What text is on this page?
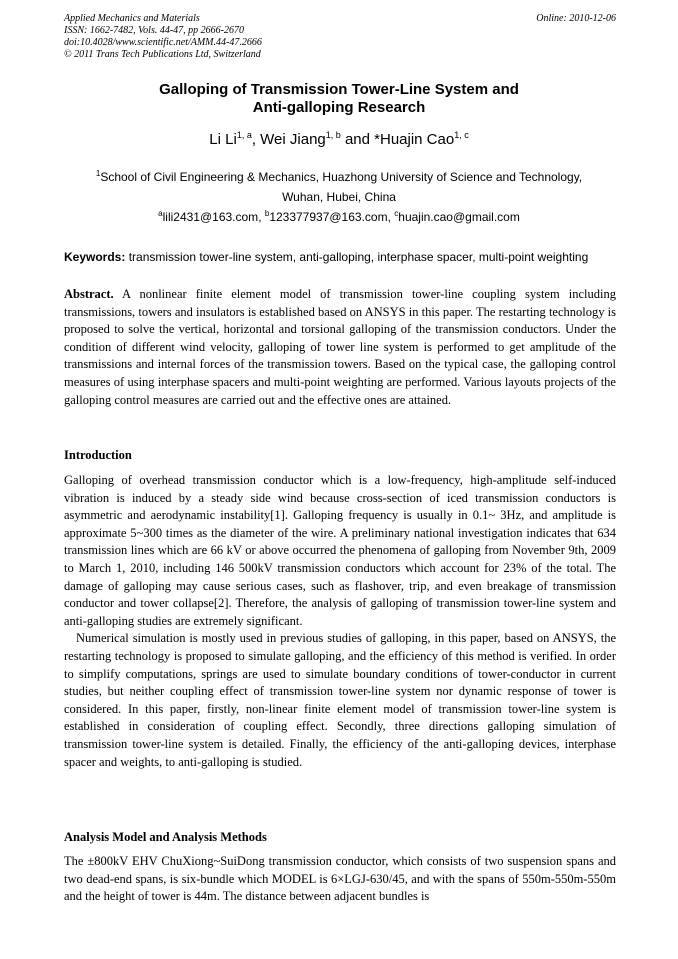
Applied Mechanics and Materials
ISSN: 1662-7482, Vols. 44-47, pp 2666-2670
doi:10.4028/www.scientific.net/AMM.44-47.2666
© 2011 Trans Tech Publications Ltd, Switzerland
Online: 2010-12-06
Galloping of Transmission Tower-Line System and
Anti-galloping Research
Li Li$^{1, a}$, Wei Jiang$^{1, b}$ and *Huajin Cao$^{1, c}$
$^1$School of Civil Engineering & Mechanics, Huazhong University of Science and Technology,
Wuhan, Hubei, China
$^a$lili2431@163.com, $^b$123377937@163.com, $^c$huajin.cao@gmail.com
Keywords: transmission tower-line system, anti-galloping, interphase spacer, multi-point weighting

Abstract. A nonlinear finite element model of transmission tower-line coupling system including transmissions, towers and insulators is established based on ANSYS in this paper. The restarting technology is proposed to solve the vertical, horizontal and torsional galloping of the transmission conductors. Under the condition of different wind velocity, galloping of tower line system is performed to get amplitude of the transmissions and internal forces of the transmission towers. Based on the typical case, the galloping control measures of using interphase spacers and multi-point weighting are performed. Various layouts projects of the galloping control measures are carried out and the effective ones are attained.

Introduction

Galloping of overhead transmission conductor which is a low-frequency, high-amplitude self-induced vibration is induced by a steady side wind because cross-section of iced transmission conductors is asymmetric and aerodynamic instability[1]. Galloping frequency is usually in 0.1~ 3Hz, and amplitude is approximate 5~300 times as the diameter of the wire. A preliminary national investigation indicates that 634 transmission lines which are 66 kV or above occurred the phenomena of galloping from November 9th, 2009 to March 1, 2010, including 146 500kV transmission conductors which account for 23% of the total. The damage of galloping may cause serious cases, such as flashover, trip, and even breakage of transmission conductor and tower collapse[2]. Therefore, the analysis of galloping of transmission tower-line system and anti-galloping studies are extremely significant.

Numerical simulation is mostly used in previous studies of galloping, in this paper, based on ANSYS, the restarting technology is proposed to simulate galloping, and the efficiency of this method is verified. In order to simplify computations, springs are used to simulate boundary conditions of tower-conductor in current studies, but neither coupling effect of transmission tower-line system nor dynamic response of tower is considered. In this paper, firstly, non-linear finite element model of transmission tower-line system is established in consideration of coupling effect. Secondly, three directions galloping simulation of transmission tower-line system is detailed. Finally, the efficiency of the anti-galloping devices, interphase spacer and weights, to anti-galloping is studied.

Analysis Model and Analysis Methods

The ±800kV EHV ChuXiong~SuiDong transmission conductor, which consists of two suspension spans and two dead-end spans, is six-bundle which MODEL is 6×LGJ-630/45, and with the spans of 550m-550m-550m and the height of tower is 44m. The distance between adjacent bundles is
